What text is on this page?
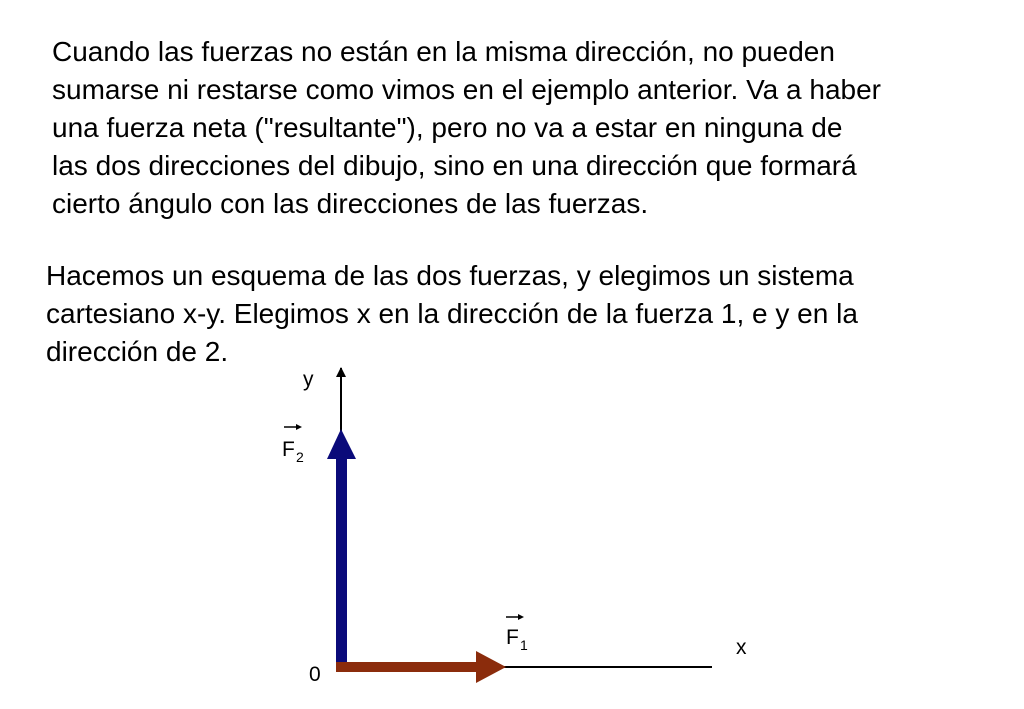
Cuando las fuerzas no están en la misma dirección, no pueden
sumarse ni restarse como vimos en el ejemplo anterior. Va a haber
una fuerza neta ("resultante"), pero no va a estar en ninguna de
las dos direcciones del dibujo, sino en una dirección que formará
cierto ángulo con las direcciones de las fuerzas.
Hacemos un esquema de las dos fuerzas, y elegimos un sistema
cartesiano x-y. Elegimos x en la dirección de la fuerza 1, e y en la
dirección de 2.
y
x
0
F 2
F 1
